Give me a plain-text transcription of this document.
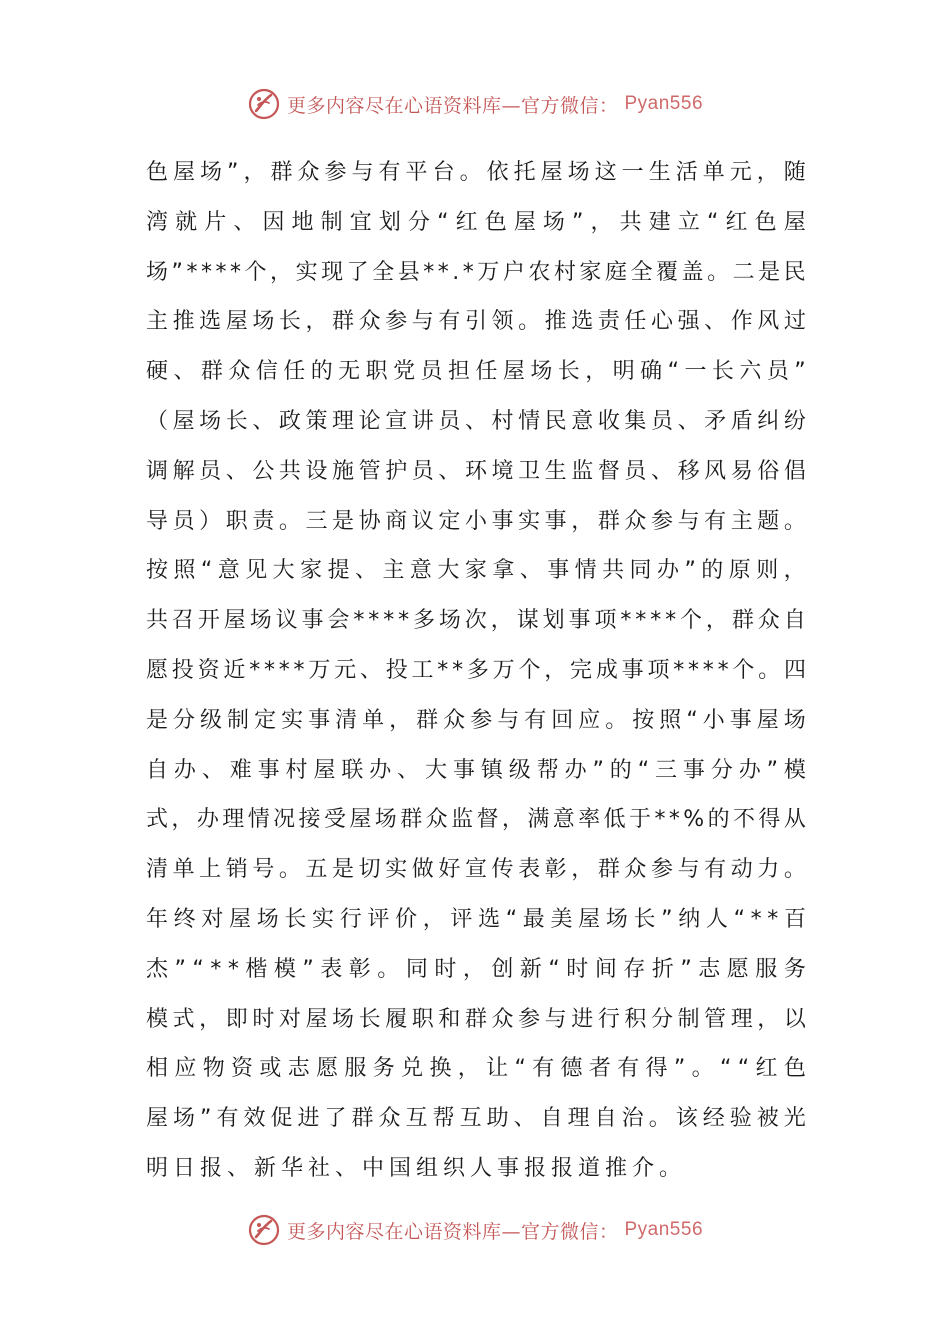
更多内容尽在心语资料库—官方微信： Pyan556
色 屋 场 ” ， 群 众 参 与 有 平 台 。 依 托 屋 场 这 一 生 活 单 元 ， 随
湾 就 片 、 因 地 制 宜 划 分 “ 红 色 屋 场 ” ， 共 建 立 “ 红 色 屋
场 ” * * * * 个 ， 实 现 了 全 县 * * . * 万 户 农 村 家 庭 全 覆 盖 。 二 是 民
主 推 选 屋 场 长 ， 群 众 参 与 有 引 领 。 推 选 责 任 心 强 、 作 风 过
硬 、 群 众 信 任 的 无 职 党 员 担 任 屋 场 长 ， 明 确 “ 一 长 六 员 ”
（ 屋 场 长 、 政 策 理 论 宣 讲 员 、 村 情 民 意 收 集 员 、 矛 盾 纠 纷
调 解 员 、 公 共 设 施 管 护 员 、 环 境 卫 生 监 督 员 、 移 风 易 俗 倡
导 员 ） 职 责 。 三 是 协 商 议 定 小 事 实 事 ， 群 众 参 与 有 主 题 。
按 照 “ 意 见 大 家 提 、 主 意 大 家 拿 、 事 情 共 同 办 ” 的 原 则 ，
共 召 开 屋 场 议 事 会 * * * * 多 场 次 ， 谋 划 事 项 * * * * 个 ， 群 众 自
愿 投 资 近 * * * * 万 元 、 投 工 * * 多 万 个 ， 完 成 事 项 * * * * 个 。 四
是 分 级 制 定 实 事 清 单 ， 群 众 参 与 有 回 应 。 按 照 “ 小 事 屋 场
自 办 、 难 事 村 屋 联 办 、 大 事 镇 级 帮 办 ” 的 “ 三 事 分 办 ” 模
式 ， 办 理 情 况 接 受 屋 场 群 众 监 督 ， 满 意 率 低 于 * * % 的 不 得 从
清 单 上 销 号 。 五 是 切 实 做 好 宣 传 表 彰 ， 群 众 参 与 有 动 力 。
年 终 对 屋 场 长 实 行 评 价 ， 评 选 “ 最 美 屋 场 长 ” 纳 人 “ * * 百
杰 ” “ * * 楷 模 ” 表 彰 。 同 时 ， 创 新 “ 时 间 存 折 ” 志 愿 服 务
模 式 ， 即 时 对 屋 场 长 履 职 和 群 众 参 与 进 行 积 分 制 管 理 ， 以
相 应 物 资 或 志 愿 服 务 兑 换 ， 让 “ 有 德 者 有 得 ” 。 “ “ 红 色
屋 场 ” 有 效 促 进 了 群 众 互 帮 互 助 、 自 理 自 治 。 该 经 验 被 光
明日报、新华社、中国组织人事报报道推介。
更多内容尽在心语资料库—官方微信： Pyan556
